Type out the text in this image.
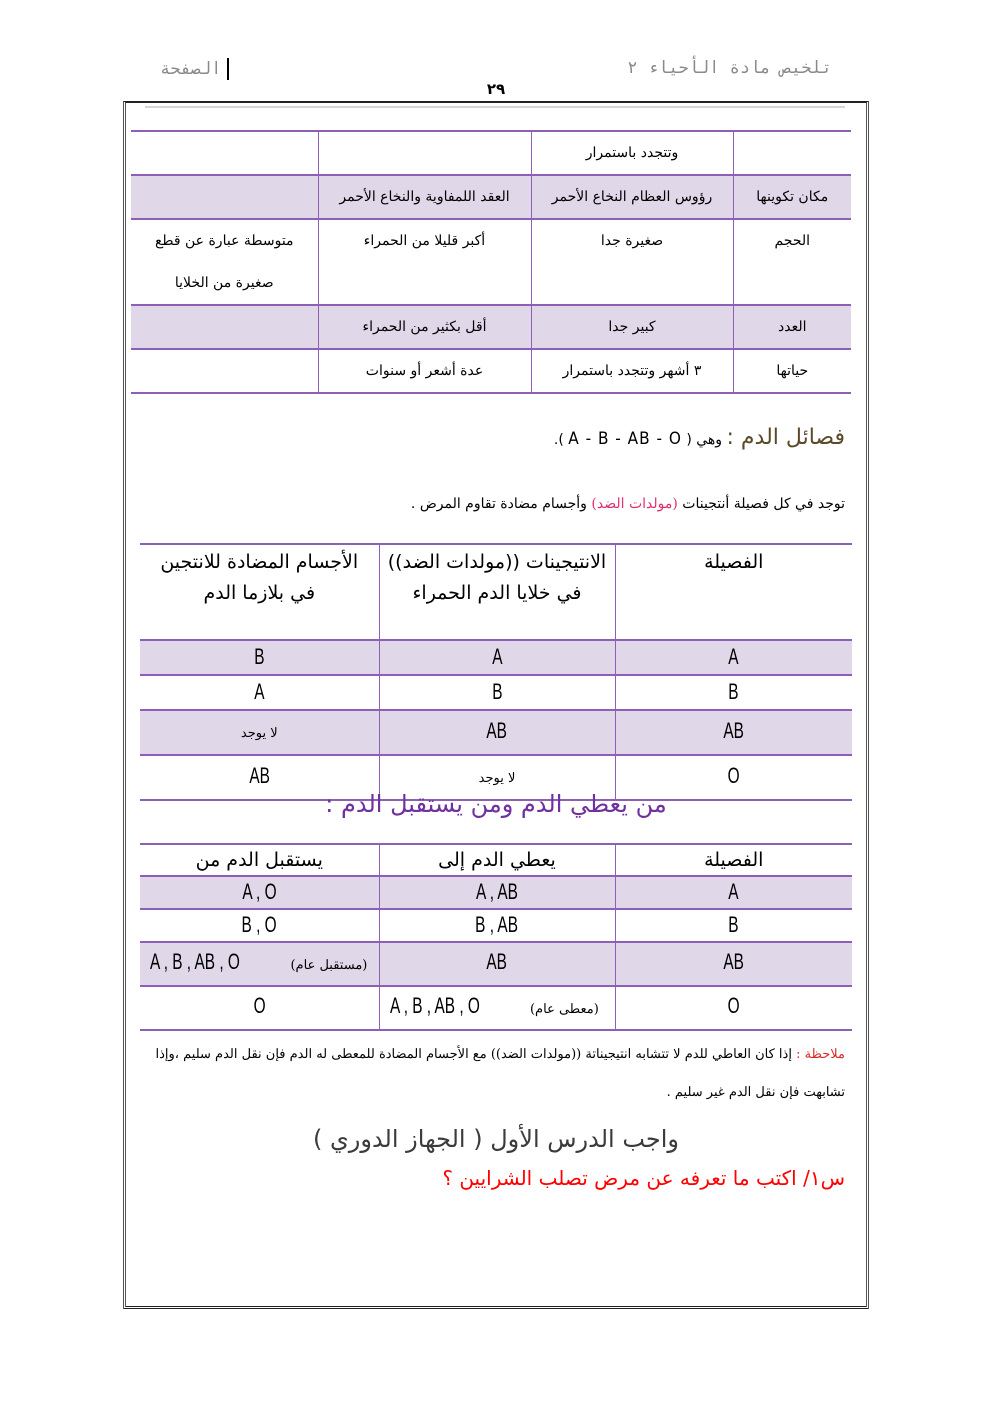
تلخيص مادة الأحياء ٢
الصفحة
٢٩
	وتتجدد باستمرار		
مكان تكوينها	رؤوس العظام النخاع الأحمر	العقد اللمفاوية والنخاع الأحمر	
الحجم	صغيرة جدا	أكبر قليلا من الحمراء	متوسطة عبارة عن قطع صغيرة من الخلايا
العدد	كبير جدا	أقل بكثير من الحمراء	
حياتها	٣ أشهر وتتجدد باستمرار	عدة أشعر أو سنوات	
فصائل الدم : وهي ( A - B - AB - O ).
توجد في كل فصيلة أنتجينات (مولدات الضد) وأجسام مضادة تقاوم المرض .
الفصيلة	الانتيجينات ((مولدات الضد)) في خلايا الدم الحمراء	الأجسام المضادة للانتجين في بلازما الدم
A	A	B
B	B	A
AB	AB	لا يوجد
O	لا يوجد	AB
من يعطي الدم ومن يستقبل الدم :
الفصيلة	يعطي الدم إلى	يستقبل الدم من
A	A , AB	A , O
B	B , AB	B , O
AB	AB	(مستقبل عام)  A , B , AB , O
O	(معطى عام)  A , B , AB , O	O
ملاحظة : إذا كان العاطي للدم لا تتشابه انتيجيناتة ((مولدات الضد)) مع الأجسام المضادة للمعطى له الدم فإن نقل الدم سليم ،وإذا تشابهت فإن نقل الدم غير سليم .
واجب الدرس الأول ( الجهاز الدوري )
س١/ اكتب ما تعرفه عن مرض تصلب الشرايين ؟
